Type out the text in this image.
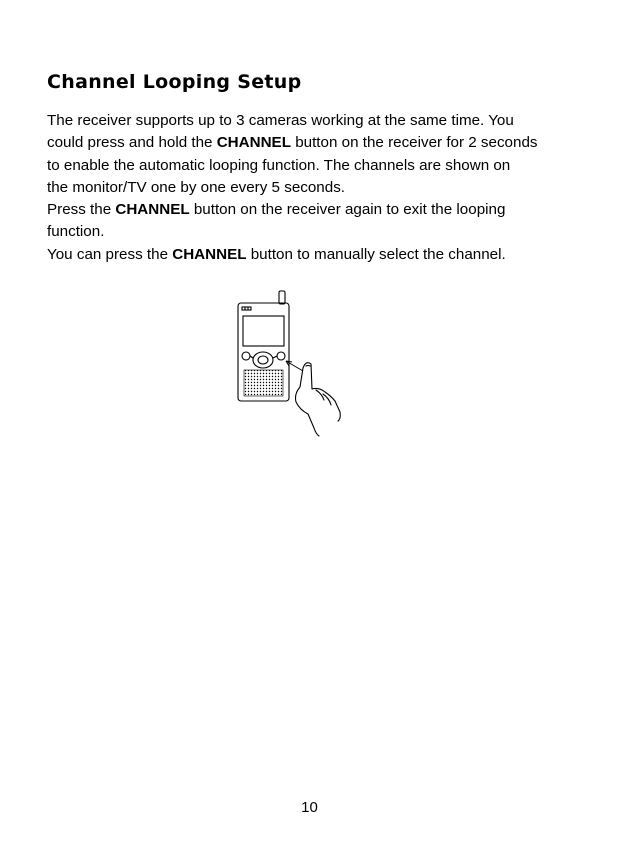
Channel Looping Setup
The receiver supports up to 3 cameras working at the same time. You
could press and hold the CHANNEL button on the receiver for 2 seconds
to enable the automatic looping function. The channels are shown on
the monitor/TV one by one every 5 seconds.
Press the CHANNEL button on the receiver again to exit the looping
function.
You can press the CHANNEL button to manually select the channel.
10
